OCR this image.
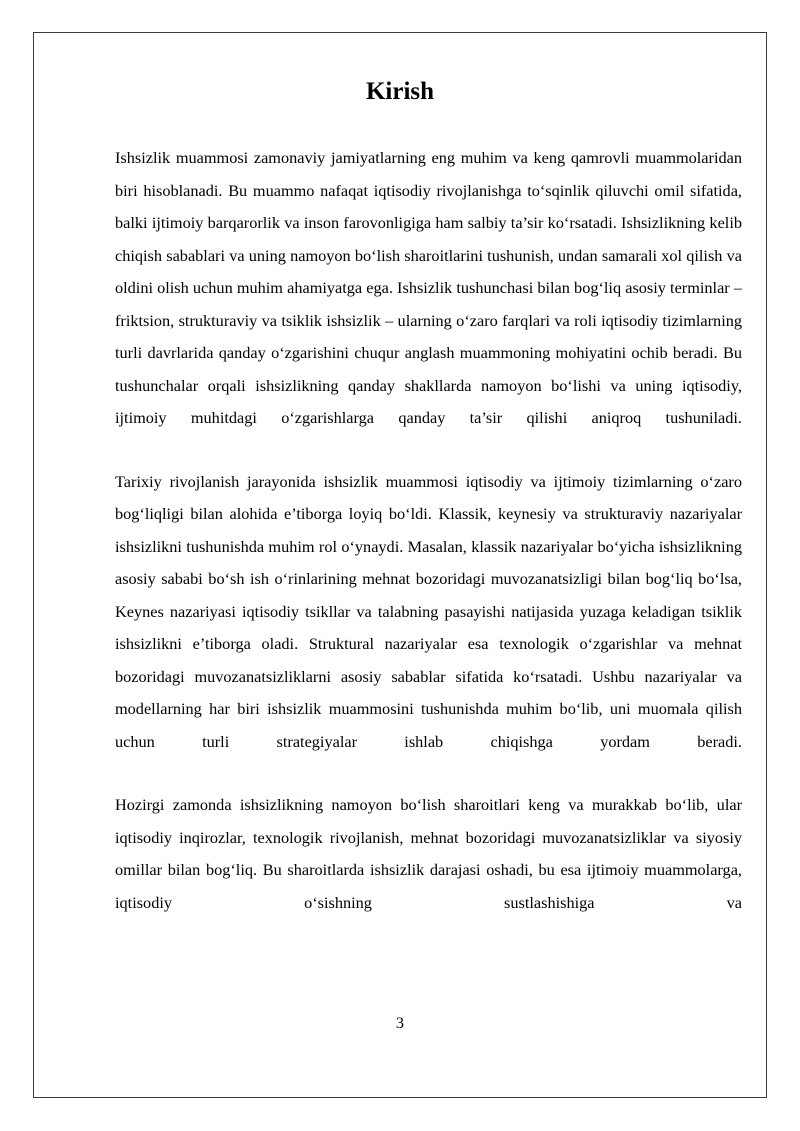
Kirish

Ishsizlik muammosi zamonaviy jamiyatlarning eng muhim va keng qamrovli muammolaridan biri hisoblanadi. Bu muammo nafaqat iqtisodiy rivojlanishga to‘sqinlik qiluvchi omil sifatida, balki ijtimoiy barqarorlik va inson farovonligiga ham salbiy ta’sir ko‘rsatadi. Ishsizlikning kelib chiqish sabablari va uning namoyon bo‘lish sharoitlarini tushunish, undan samarali xol qilish va oldini olish uchun muhim ahamiyatga ega. Ishsizlik tushunchasi bilan bog‘liq asosiy terminlar – friktsion, strukturaviy va tsiklik ishsizlik – ularning o‘zaro farqlari va roli iqtisodiy tizimlarning turli davrlarida qanday o‘zgarishini chuqur anglash muammoning mohiyatini ochib beradi. Bu tushunchalar orqali ishsizlikning qanday shakllarda namoyon bo‘lishi va uning iqtisodiy, ijtimoiy muhitdagi o‘zgarishlarga qanday ta’sir qilishi aniqroq tushuniladi.

Tarixiy rivojlanish jarayonida ishsizlik muammosi iqtisodiy va ijtimoiy tizimlarning o‘zaro bog‘liqligi bilan alohida e’tiborga loyiq bo‘ldi. Klassik, keynesiy va strukturaviy nazariyalar ishsizlikni tushunishda muhim rol o‘ynaydi. Masalan, klassik nazariyalar bo‘yicha ishsizlikning asosiy sababi bo‘sh ish o‘rinlarining mehnat bozoridagi muvozanatsizligi bilan bog‘liq bo‘lsa, Keynes nazariyasi iqtisodiy tsikllar va talabning pasayishi natijasida yuzaga keladigan tsiklik ishsizlikni e’tiborga oladi. Struktural nazariyalar esa texnologik o‘zgarishlar va mehnat bozoridagi muvozanatsizliklarni asosiy sabablar sifatida ko‘rsatadi. Ushbu nazariyalar va modellarning har biri ishsizlik muammosini tushunishda muhim bo‘lib, uni muomala qilish uchun turli strategiyalar ishlab chiqishga yordam beradi.

Hozirgi zamonda ishsizlikning namoyon bo‘lish sharoitlari keng va murakkab bo‘lib, ular iqtisodiy inqirozlar, texnologik rivojlanish, mehnat bozoridagi muvozanatsizliklar va siyosiy omillar bilan bog‘liq. Bu sharoitlarda ishsizlik darajasi oshadi, bu esa ijtimoiy muammolarga, iqtisodiy o‘sishning sustlashishiga va

3
